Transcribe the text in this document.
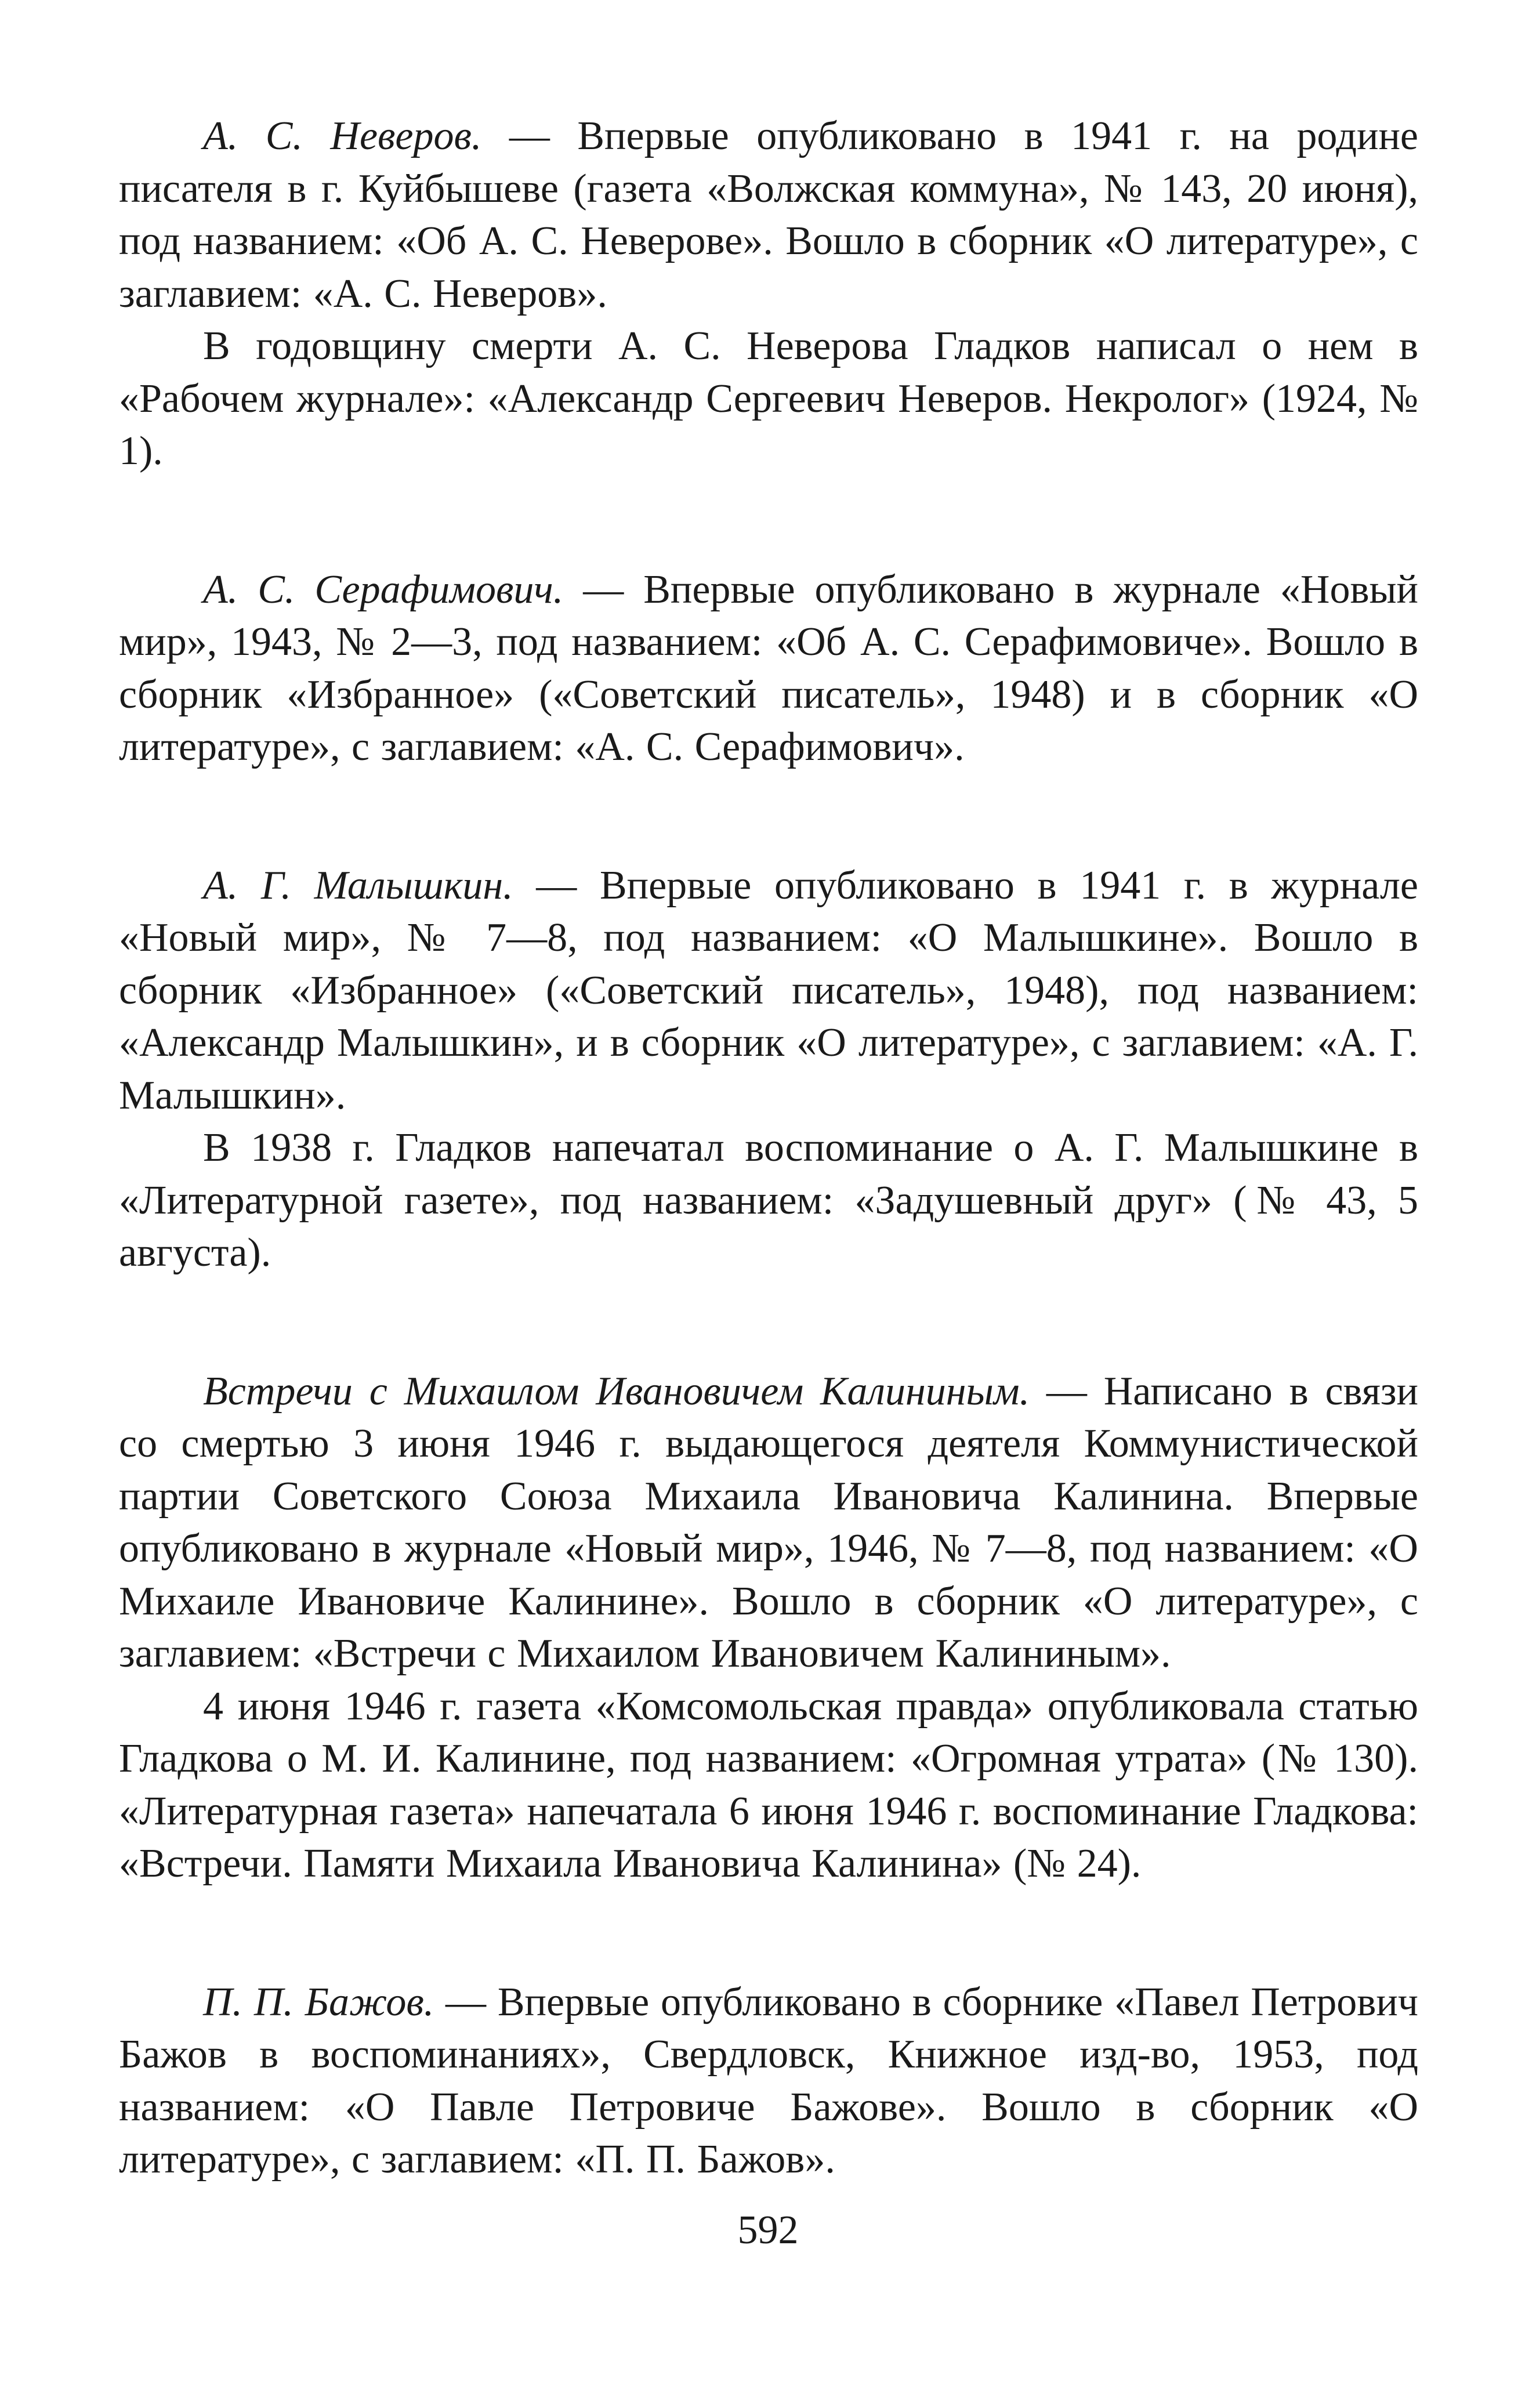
А. С. Неверов. — Впервые опубликовано в 1941 г. на родине писателя в г. Куйбышеве (газета «Волжская коммуна», № 143, 20 июня), под названием: «Об А. С. Неверове». Вошло в сборник «О литературе», с заглавием: «А. С. Неверов».

В годовщину смерти А. С. Неверова Гладков написал о нем в «Рабочем журнале»: «Александр Сергеевич Неверов. Некролог» (1924, № 1).

А. С. Серафимович. — Впервые опубликовано в журнале «Новый мир», 1943, № 2—3, под названием: «Об А. С. Серафимовиче». Вошло в сборник «Избранное» («Советский писатель», 1948) и в сборник «О литературе», с заглавием: «А. С. Серафимович».

А. Г. Малышкин. — Впервые опубликовано в 1941 г. в журнале «Новый мир», № 7—8, под названием: «О Малышкине». Вошло в сборник «Избранное» («Советский писатель», 1948), под названием: «Александр Малышкин», и в сборник «О литературе», с заглавием: «А. Г. Малышкин».

В 1938 г. Гладков напечатал воспоминание о А. Г. Малышкине в «Литературной газете», под названием: «Задушевный друг» (№ 43, 5 августа).

Встречи с Михаилом Ивановичем Калининым. — Написано в связи со смертью 3 июня 1946 г. выдающегося деятеля Коммунистической партии Советского Союза Михаила Ивановича Калинина. Впервые опубликовано в журнале «Новый мир», 1946, № 7—8, под названием: «О Михаиле Ивановиче Калинине». Вошло в сборник «О литературе», с заглавием: «Встречи с Михаилом Ивановичем Калининым».

4 июня 1946 г. газета «Комсомольская правда» опубликовала статью Гладкова о М. И. Калинине, под названием: «Огромная утрата» (№ 130). «Литературная газета» напечатала 6 июня 1946 г. воспоминание Гладкова: «Встречи. Памяти Михаила Ивановича Калинина» (№ 24).

П. П. Бажов. — Впервые опубликовано в сборнике «Павел Петрович Бажов в воспоминаниях», Свердловск, Книжное изд-во, 1953, под названием: «О Павле Петровиче Бажове». Вошло в сборник «О литературе», с заглавием: «П. П. Бажов».

592
